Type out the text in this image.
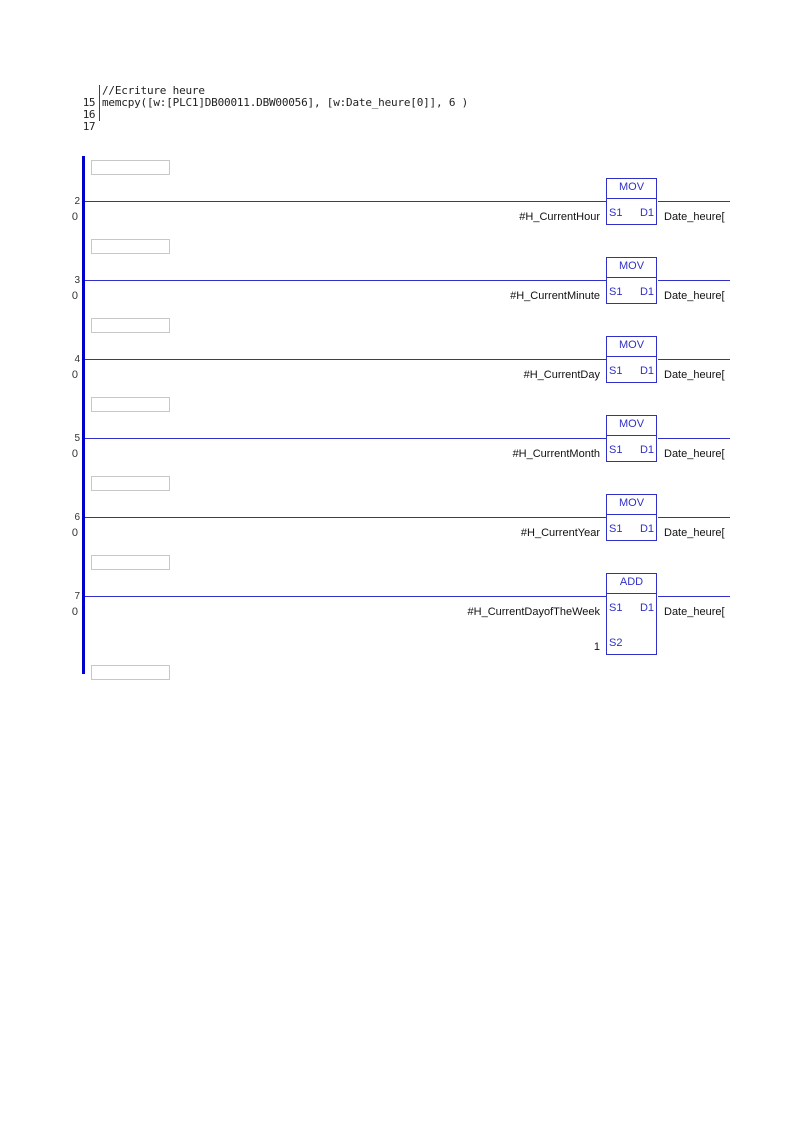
15

//Ecriture heure

16

memcpy([w:[PLC1]DB00011.DBW00056], [w:Date_heure[0]], 6 )

17

2
0	#H_CurrentHour
MOV
S1 D1 Date_heure[
3
0	#H_CurrentMinute
MOV
S1 D1 Date_heure[
4
0	#H_CurrentDay
MOV
S1 D1 Date_heure[
5
0	#H_CurrentMonth
MOV
S1 D1 Date_heure[
6
0	#H_CurrentYear
MOV
S1 D1 Date_heure[
7
0	#H_CurrentDayofTheWeek
1
ADD
S1 D1
S2
Date_heure[
